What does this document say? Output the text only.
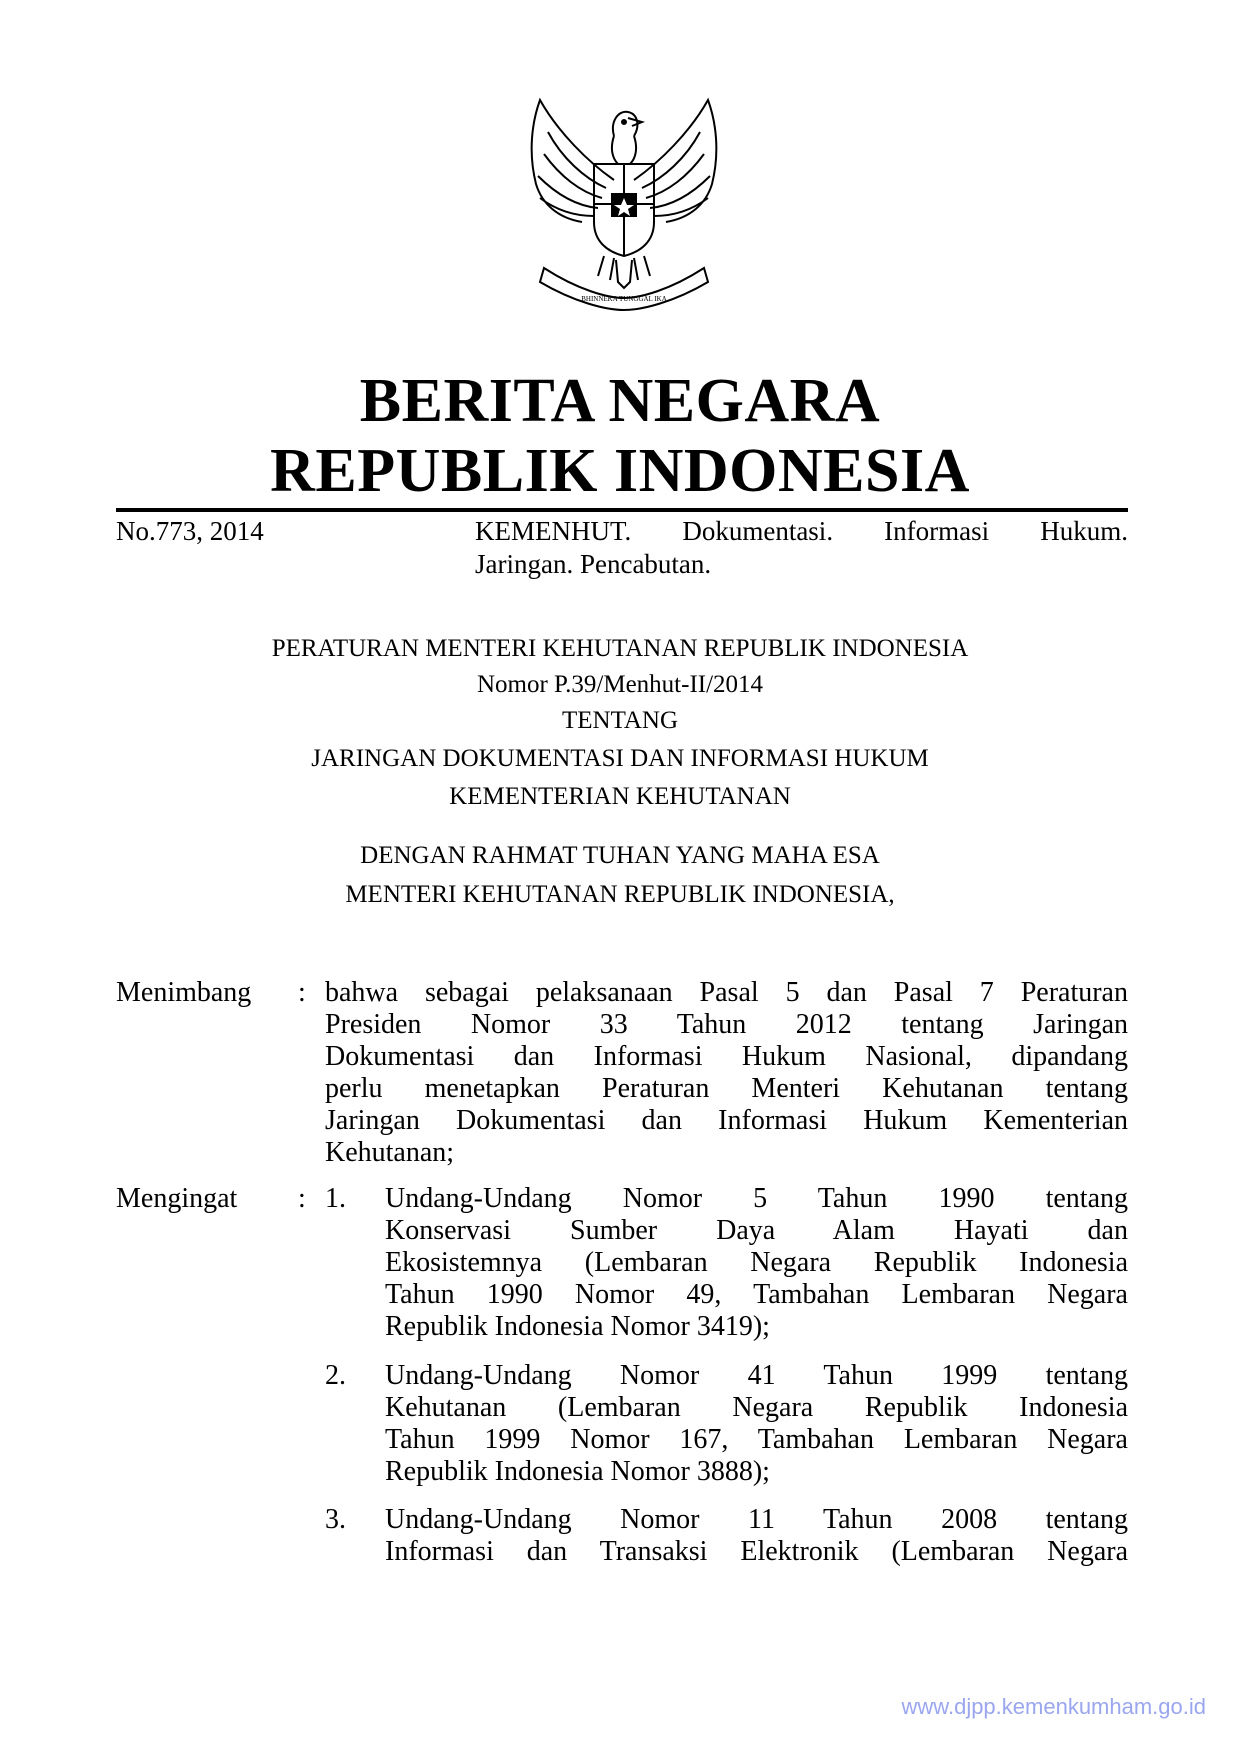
BHINNEKA TUNGGAL IKA
BERITA NEGARA
REPUBLIK INDONESIA
No.773, 2014	KEMENHUT. Dokumentasi. Informasi Hukum.
Jaringan. Pencabutan.
PERATURAN MENTERI KEHUTANAN REPUBLIK INDONESIA
Nomor P.39/Menhut-II/2014
TENTANG
JARINGAN DOKUMENTASI DAN INFORMASI HUKUM
KEMENTERIAN KEHUTANAN
DENGAN RAHMAT TUHAN YANG MAHA ESA
MENTERI KEHUTANAN REPUBLIK INDONESIA,
Menimbang : bahwa sebagai pelaksanaan Pasal 5 dan Pasal 7 Peraturan
Presiden Nomor 33 Tahun 2012 tentang Jaringan
Dokumentasi dan Informasi Hukum Nasional, dipandang
perlu menetapkan Peraturan Menteri Kehutanan tentang
Jaringan Dokumentasi dan Informasi Hukum Kementerian
Kehutanan;
Mengingat : 1. Undang-Undang Nomor 5 Tahun 1990 tentang
Konservasi Sumber Daya Alam Hayati dan
Ekosistemnya (Lembaran Negara Republik Indonesia
Tahun 1990 Nomor 49, Tambahan Lembaran Negara
Republik Indonesia Nomor 3419);
2. Undang-Undang Nomor 41 Tahun 1999 tentang
Kehutanan (Lembaran Negara Republik Indonesia
Tahun 1999 Nomor 167, Tambahan Lembaran Negara
Republik Indonesia Nomor 3888);
3. Undang-Undang Nomor 11 Tahun 2008 tentang
Informasi dan Transaksi Elektronik (Lembaran Negara
www.djpp.kemenkumham.go.id
